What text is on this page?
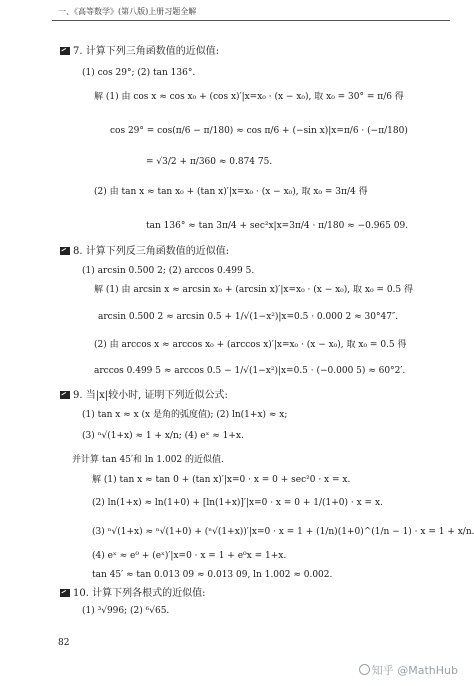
一、《高等数学》(第八版)上册习题全解
7. 计算下列三角函数值的近似值:
(1) cos 29°; (2) tan 136°.
解 (1) 由 cos x ≈ cos x₀ + (cos x)′|x=x₀ · (x − x₀), 取 x₀ = 30° = π/6 得
cos 29° = cos(π/6 − π/180) ≈ cos π/6 + (−sin x)|x=π/6 · (−π/180)
= √3/2 + π/360 ≈ 0.874 75.
(2) 由 tan x ≈ tan x₀ + (tan x)′|x=x₀ · (x − x₀), 取 x₀ = 3π/4 得
tan 136° ≈ tan 3π/4 + sec²x|x=3π/4 · π/180 ≈ −0.965 09.
8. 计算下列反三角函数值的近似值:
(1) arcsin 0.500 2; (2) arccos 0.499 5.
解 (1) 由 arcsin x ≈ arcsin x₀ + (arcsin x)′|x=x₀ · (x − x₀), 取 x₀ = 0.5 得
arcsin 0.500 2 ≈ arcsin 0.5 + 1/√(1−x²)|x=0.5 · 0.000 2 ≈ 30°47″.
(2) 由 arccos x ≈ arccos x₀ + (arccos x)′|x=x₀ · (x − x₀), 取 x₀ = 0.5 得
arccos 0.499 5 ≈ arccos 0.5 − 1/√(1−x²)|x=0.5 · (−0.000 5) ≈ 60°2′.
9. 当|x|较小时, 证明下列近似公式:
(1) tan x ≈ x (x 是角的弧度值); (2) ln(1+x) ≈ x;
(3) ⁿ√(1+x) ≈ 1 + x/n; (4) eˣ ≈ 1+x.
并计算 tan 45′和 ln 1.002 的近似值.
解 (1) tan x ≈ tan 0 + (tan x)′|x=0 · x = 0 + sec²0 · x = x.
(2) ln(1+x) ≈ ln(1+0) + [ln(1+x)]′|x=0 · x = 0 + 1/(1+0) · x = x.
(3) ⁿ√(1+x) ≈ ⁿ√(1+0) + (ⁿ√(1+x))′|x=0 · x = 1 + (1/n)(1+0)^(1/n − 1) · x = 1 + x/n.
(4) eˣ ≈ e⁰ + (eˣ)′|x=0 · x = 1 + e⁰x = 1+x.
tan 45′ ≈ tan 0.013 09 ≈ 0.013 09, ln 1.002 ≈ 0.002.
10. 计算下列各根式的近似值:
(1) ³√996; (2) ⁶√65.
82
知乎 @MathHub
